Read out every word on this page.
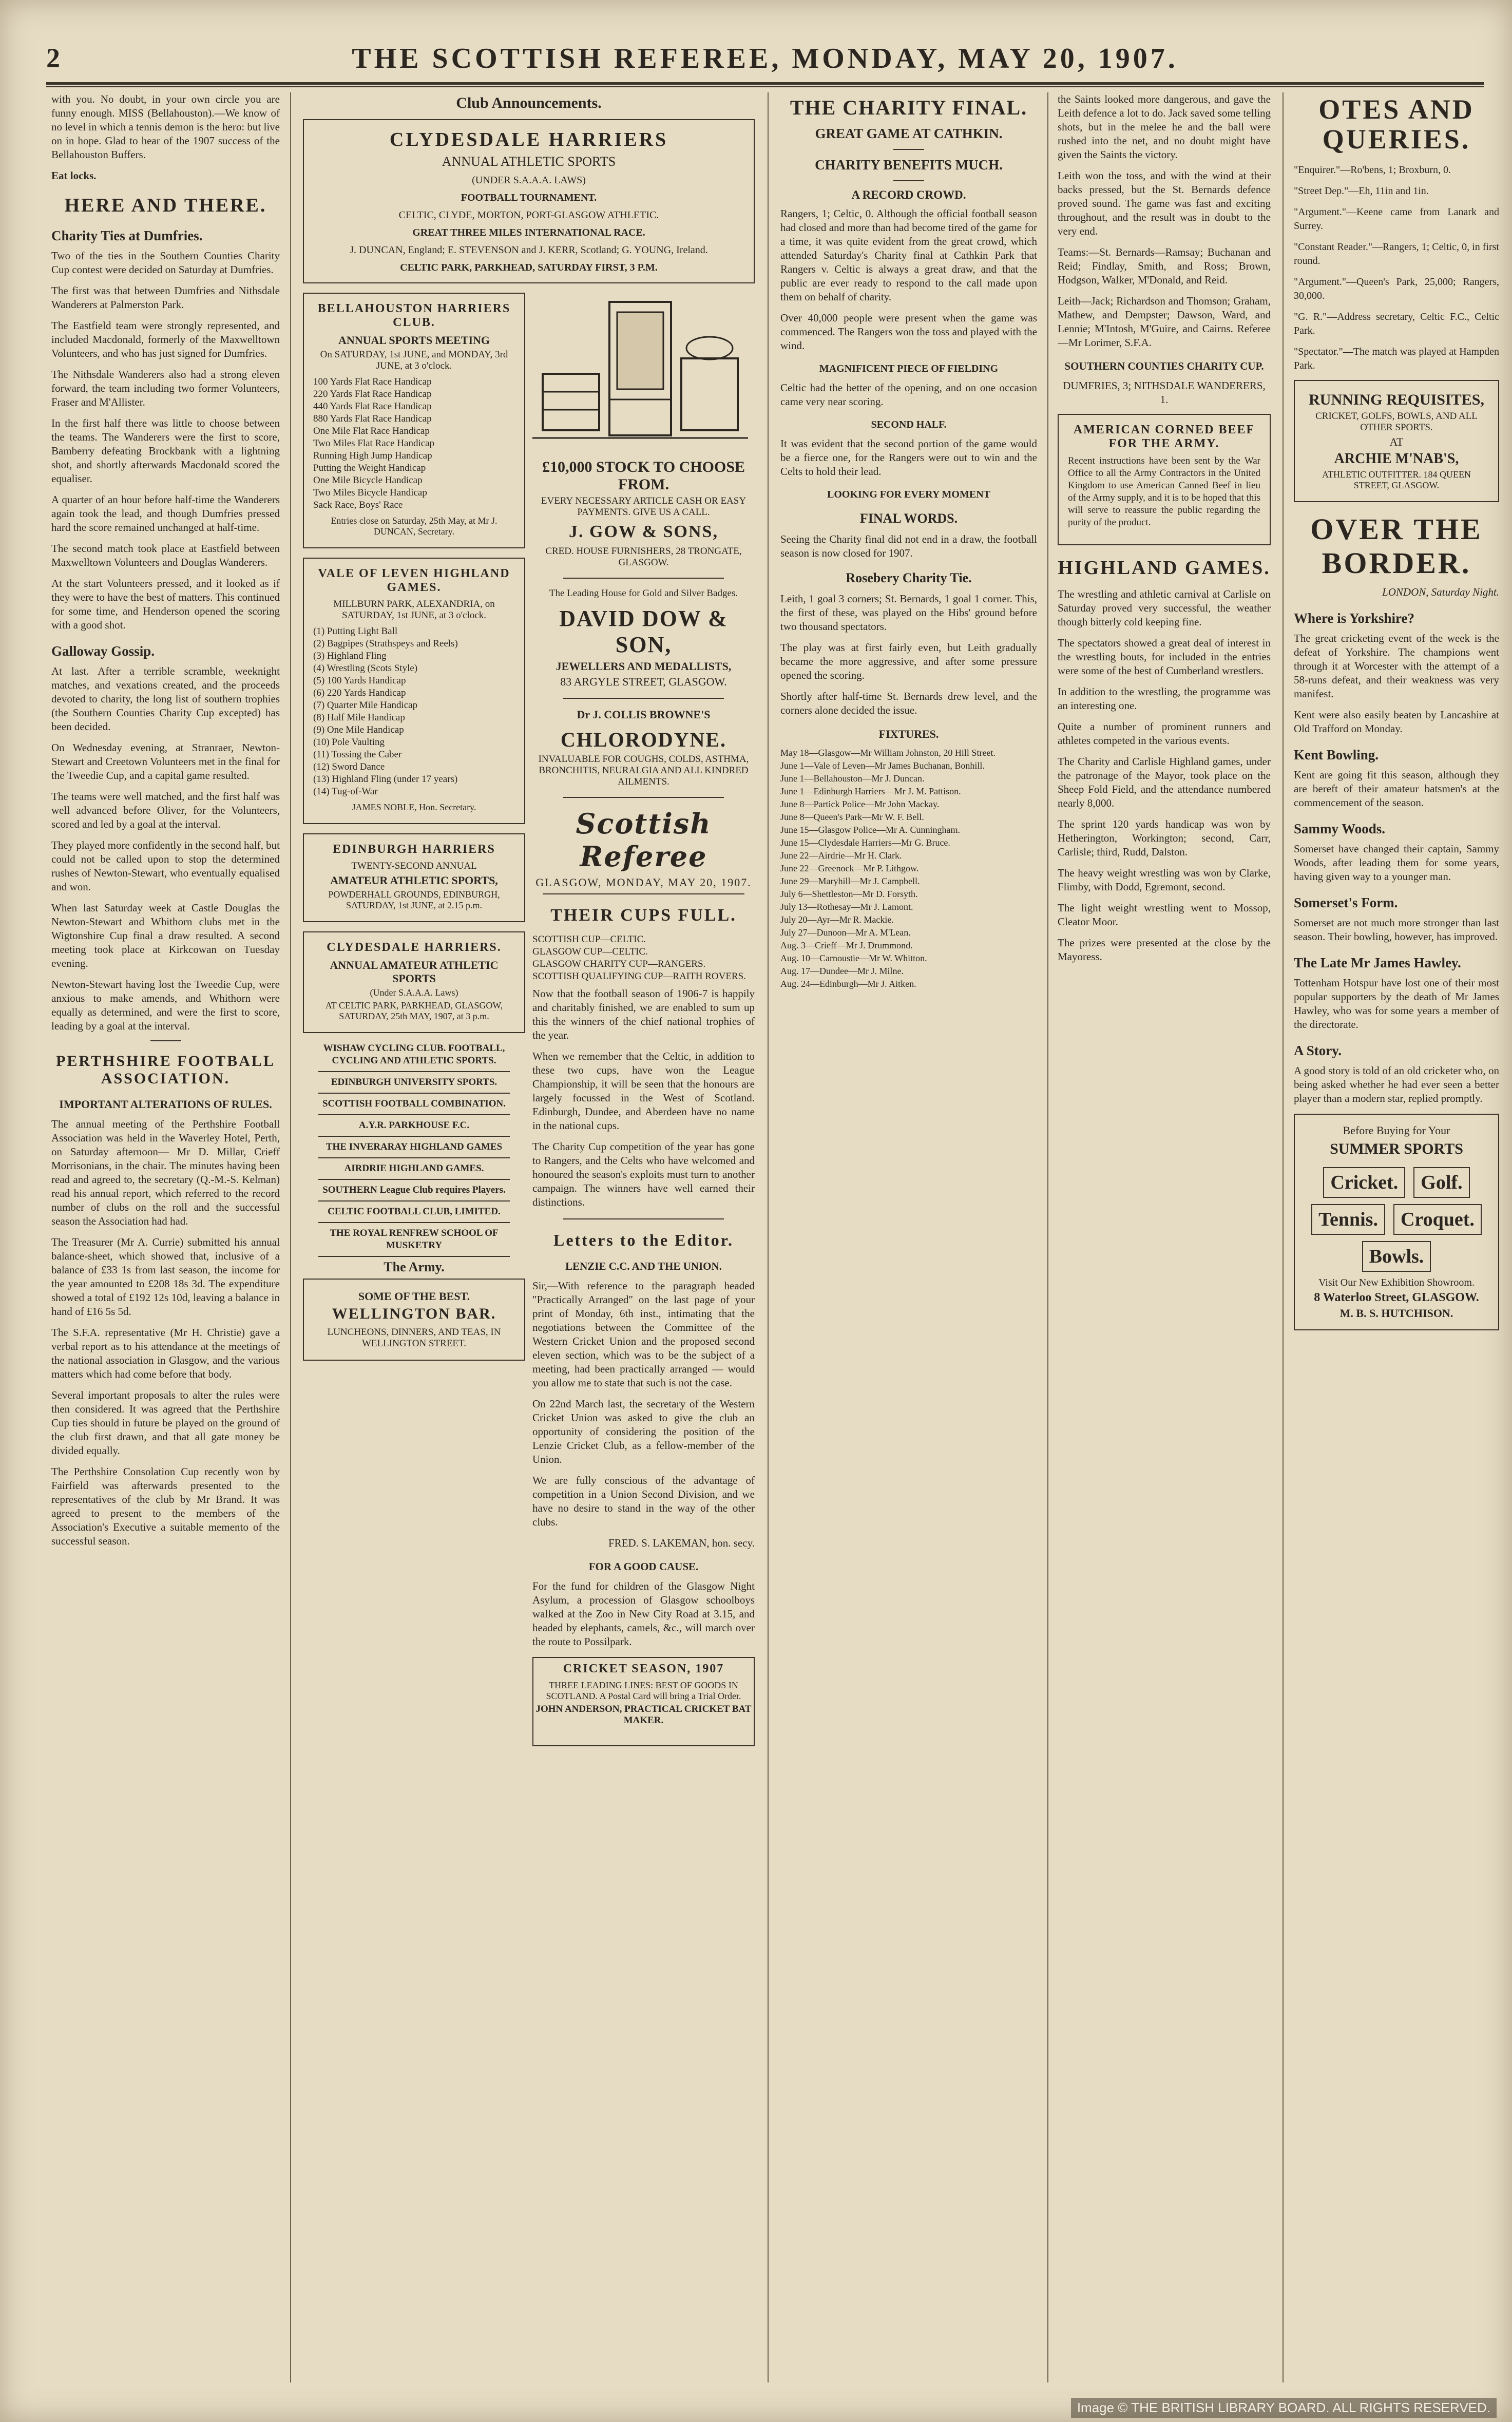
2	THE SCOTTISH REFEREE, MONDAY, MAY 20, 1907.

with you. No doubt, in your own circle you are funny enough. MISS (Bellahouston).—We know of no level in which a tennis demon is the hero: but live on in hope. Glad to hear of the 1907 success of the Bellahouston Buffers.

Eat locks.

HERE AND THERE.
Charity Ties at Dumfries.

Two of the ties in the Southern Counties Charity Cup contest were decided on Saturday at Dumfries.

The first was that between Dumfries and Nithsdale Wanderers at Palmerston Park.

The Eastfield team were strongly represented, and included Macdonald, formerly of the Maxwelltown Volunteers, and who has just signed for Dumfries.

The Nithsdale Wanderers also had a strong eleven forward, the team including two former Volunteers, Fraser and M'Allister.

In the first half there was little to choose between the teams. The Wanderers were the first to score, Bamberry defeating Brockbank with a lightning shot, and shortly afterwards Macdonald scored the equaliser.

A quarter of an hour before half-time the Wanderers again took the lead, and though Dumfries pressed hard the score remained unchanged at half-time.

The second match took place at Eastfield between Maxwelltown Volunteers and Douglas Wanderers.

At the start Volunteers pressed, and it looked as if they were to have the best of matters. This continued for some time, and Henderson opened the scoring with a good shot.

Galloway Gossip.

At last. After a terrible scramble, weeknight matches, and vexations created, and the proceeds devoted to charity, the long list of southern trophies (the Southern Counties Charity Cup excepted) has been decided.

On Wednesday evening, at Stranraer, Newton-Stewart and Creetown Volunteers met in the final for the Tweedie Cup, and a capital game resulted.

The teams were well matched, and the first half was well advanced before Oliver, for the Volunteers, scored and led by a goal at the interval.

They played more confidently in the second half, but could not be called upon to stop the determined rushes of Newton-Stewart, who eventually equalised and won.

When last Saturday week at Castle Douglas the Newton-Stewart and Whithorn clubs met in the Wigtonshire Cup final a draw resulted. A second meeting took place at Kirkcowan on Tuesday evening.

Newton-Stewart having lost the Tweedie Cup, were anxious to make amends, and Whithorn were equally as determined, and were the first to score, leading by a goal at the interval.

PERTHSHIRE FOOTBALL ASSOCIATION.
IMPORTANT ALTERATIONS OF RULES.

The annual meeting of the Perthshire Football Association was held in the Waverley Hotel, Perth, on Saturday afternoon— Mr D. Millar, Crieff Morrisonians, in the chair. The minutes having been read and agreed to, the secretary (Q.-M.-S. Kelman) read his annual report, which referred to the record number of clubs on the roll and the successful season the Association had had.

The Treasurer (Mr A. Currie) submitted his annual balance-sheet, which showed that, inclusive of a balance of £33 1s from last season, the income for the year amounted to £208 18s 3d. The expenditure showed a total of £192 12s 10d, leaving a balance in hand of £16 5s 5d.

The S.F.A. representative (Mr H. Christie) gave a verbal report as to his attendance at the meetings of the national association in Glasgow, and the various matters which had come before that body.

Several important proposals to alter the rules were then considered. It was agreed that the Perthshire Cup ties should in future be played on the ground of the club first drawn, and that all gate money be divided equally.

The Perthshire Consolation Cup recently won by Fairfield was afterwards presented to the representatives of the club by Mr Brand. It was agreed to present to the members of the Association's Executive a suitable memento of the successful season.

Club Announcements.
CLYDESDALE HARRIERS
ANNUAL ATHLETIC SPORTS
(UNDER S.A.A.A. LAWS)
FOOTBALL TOURNAMENT.
CELTIC, CLYDE, MORTON, PORT-GLASGOW ATHLETIC.
GREAT THREE MILES INTERNATIONAL RACE.
J. DUNCAN, England; E. STEVENSON and J. KERR, Scotland; G. YOUNG, Ireland.
CELTIC PARK, PARKHEAD, SATURDAY FIRST, 3 P.M.
BELLAHOUSTON HARRIERS CLUB.
ANNUAL SPORTS MEETING
On SATURDAY, 1st JUNE, and MONDAY, 3rd JUNE, at 3 o'clock.
100 Yards Flat Race Handicap
220 Yards Flat Race Handicap
440 Yards Flat Race Handicap
880 Yards Flat Race Handicap
One Mile Flat Race Handicap
Two Miles Flat Race Handicap
Running High Jump Handicap
Putting the Weight Handicap
One Mile Bicycle Handicap
Two Miles Bicycle Handicap
Sack Race, Boys' Race
Entries close on Saturday, 25th May, at Mr J. DUNCAN, Secretary.
VALE OF LEVEN HIGHLAND GAMES.
MILLBURN PARK, ALEXANDRIA, on SATURDAY, 1st JUNE, at 3 o'clock.
(1) Putting Light Ball
(2) Bagpipes (Strathspeys and Reels)
(3) Highland Fling
(4) Wrestling (Scots Style)
(5) 100 Yards Handicap
(6) 220 Yards Handicap
(7) Quarter Mile Handicap
(8) Half Mile Handicap
(9) One Mile Handicap
(10) Pole Vaulting
(11) Tossing the Caber
(12) Sword Dance
(13) Highland Fling (under 17 years)
(14) Tug-of-War
JAMES NOBLE, Hon. Secretary.
EDINBURGH HARRIERS
TWENTY-SECOND ANNUAL
AMATEUR ATHLETIC SPORTS,
POWDERHALL GROUNDS, EDINBURGH, SATURDAY, 1st JUNE, at 2.15 p.m.
CLYDESDALE HARRIERS.
ANNUAL AMATEUR ATHLETIC SPORTS
(Under S.A.A.A. Laws)
AT CELTIC PARK, PARKHEAD, GLASGOW, SATURDAY, 25th MAY, 1907, at 3 p.m.
WISHAW CYCLING CLUB. FOOTBALL, CYCLING AND ATHLETIC SPORTS.
EDINBURGH UNIVERSITY SPORTS.
SCOTTISH FOOTBALL COMBINATION.
A.Y.R. PARKHOUSE F.C.
THE INVERARAY HIGHLAND GAMES
AIRDRIE HIGHLAND GAMES.
SOUTHERN League Club requires Players.
CELTIC FOOTBALL CLUB, LIMITED.
THE ROYAL RENFREW SCHOOL OF MUSKETRY
The Army.
SOME OF THE BEST.
WELLINGTON BAR.
LUNCHEONS, DINNERS, AND TEAS, IN WELLINGTON STREET.
£10,000 STOCK TO CHOOSE FROM.
EVERY NECESSARY ARTICLE CASH OR EASY PAYMENTS. GIVE US A CALL.
J. GOW & SONS,
CRED. HOUSE FURNISHERS, 28 TRONGATE, GLASGOW.
The Leading House for Gold and Silver Badges.
DAVID DOW & SON,
JEWELLERS AND MEDALLISTS,
83 ARGYLE STREET, GLASGOW.
Dr J. COLLIS BROWNE'S
CHLORODYNE.
INVALUABLE FOR COUGHS, COLDS, ASTHMA, BRONCHITIS, NEURALGIA AND ALL KINDRED AILMENTS.
Scottish Referee
GLASGOW, MONDAY, MAY 20, 1907.
THEIR CUPS FULL.
SCOTTISH CUP—CELTIC.
GLASGOW CUP—CELTIC.
GLASGOW CHARITY CUP—RANGERS.
SCOTTISH QUALIFYING CUP—RAITH ROVERS.

Now that the football season of 1906-7 is happily and charitably finished, we are enabled to sum up this the winners of the chief national trophies of the year.

When we remember that the Celtic, in addition to these two cups, have won the League Championship, it will be seen that the honours are largely focussed in the West of Scotland. Edinburgh, Dundee, and Aberdeen have no name in the national cups.

The Charity Cup competition of the year has gone to Rangers, and the Celts who have welcomed and honoured the season's exploits must turn to another campaign. The winners have well earned their distinctions.

Letters to the Editor.
LENZIE C.C. AND THE UNION.

Sir,—With reference to the paragraph headed "Practically Arranged" on the last page of your print of Monday, 6th inst., intimating that the negotiations between the Committee of the Western Cricket Union and the proposed second eleven section, which was to be the subject of a meeting, had been practically arranged — would you allow me to state that such is not the case.

On 22nd March last, the secretary of the Western Cricket Union was asked to give the club an opportunity of considering the position of the Lenzie Cricket Club, as a fellow-member of the Union.

We are fully conscious of the advantage of competition in a Union Second Division, and we have no desire to stand in the way of the other clubs.

FRED. S. LAKEMAN, hon. secy.

FOR A GOOD CAUSE.

For the fund for children of the Glasgow Night Asylum, a procession of Glasgow schoolboys walked at the Zoo in New City Road at 3.15, and headed by elephants, camels, &c., will march over the route to Possilpark.

CRICKET SEASON, 1907
THREE LEADING LINES: BEST OF GOODS IN SCOTLAND. A Postal Card will bring a Trial Order.
JOHN ANDERSON, PRACTICAL CRICKET BAT MAKER.
THE CHARITY FINAL.
GREAT GAME AT CATHKIN.
CHARITY BENEFITS MUCH.
A RECORD CROWD.

Rangers, 1; Celtic, 0. Although the official football season had closed and more than had become tired of the game for a time, it was quite evident from the great crowd, which attended Saturday's Charity final at Cathkin Park that Rangers v. Celtic is always a great draw, and that the public are ever ready to respond to the call made upon them on behalf of charity.

Over 40,000 people were present when the game was commenced. The Rangers won the toss and played with the wind.

MAGNIFICENT PIECE OF FIELDING

Celtic had the better of the opening, and on one occasion came very near scoring.

SECOND HALF.

It was evident that the second portion of the game would be a fierce one, for the Rangers were out to win and the Celts to hold their lead.

LOOKING FOR EVERY MOMENT
FINAL WORDS.

Seeing the Charity final did not end in a draw, the football season is now closed for 1907.

Rosebery Charity Tie.

Leith, 1 goal 3 corners; St. Bernards, 1 goal 1 corner. This, the first of these, was played on the Hibs' ground before two thousand spectators.

The play was at first fairly even, but Leith gradually became the more aggressive, and after some pressure opened the scoring.

Shortly after half-time St. Bernards drew level, and the corners alone decided the issue.

FIXTURES.
May 18—Glasgow—Mr William Johnston, 20 Hill Street.
June 1—Vale of Leven—Mr James Buchanan, Bonhill.
June 1—Bellahouston—Mr J. Duncan.
June 1—Edinburgh Harriers—Mr J. M. Pattison.
June 8—Partick Police—Mr John Mackay.
June 8—Queen's Park—Mr W. F. Bell.
June 15—Glasgow Police—Mr A. Cunningham.
June 15—Clydesdale Harriers—Mr G. Bruce.
June 22—Airdrie—Mr H. Clark.
June 22—Greenock—Mr P. Lithgow.
June 29—Maryhill—Mr J. Campbell.
July 6—Shettleston—Mr D. Forsyth.
July 13—Rothesay—Mr J. Lamont.
July 20—Ayr—Mr R. Mackie.
July 27—Dunoon—Mr A. M'Lean.
Aug. 3—Crieff—Mr J. Drummond.
Aug. 10—Carnoustie—Mr W. Whitton.
Aug. 17—Dundee—Mr J. Milne.
Aug. 24—Edinburgh—Mr J. Aitken.

the Saints looked more dangerous, and gave the Leith defence a lot to do. Jack saved some telling shots, but in the melee he and the ball were rushed into the net, and no doubt might have given the Saints the victory.

Leith won the toss, and with the wind at their backs pressed, but the St. Bernards defence proved sound. The game was fast and exciting throughout, and the result was in doubt to the very end.

Teams:—St. Bernards—Ramsay; Buchanan and Reid; Findlay, Smith, and Ross; Brown, Hodgson, Walker, M'Donald, and Reid.

Leith—Jack; Richardson and Thomson; Graham, Mathew, and Dempster; Dawson, Ward, and Lennie; M'Intosh, M'Guire, and Cairns. Referee—Mr Lorimer, S.F.A.

SOUTHERN COUNTIES CHARITY CUP.

DUMFRIES, 3; NITHSDALE WANDERERS, 1.

AMERICAN CORNED BEEF FOR THE ARMY.

Recent instructions have been sent by the War Office to all the Army Contractors in the United Kingdom to use American Canned Beef in lieu of the Army supply, and it is to be hoped that this will serve to reassure the public regarding the purity of the product.

HIGHLAND GAMES.

The wrestling and athletic carnival at Carlisle on Saturday proved very successful, the weather though bitterly cold keeping fine.

The spectators showed a great deal of interest in the wrestling bouts, for included in the entries were some of the best of Cumberland wrestlers.

In addition to the wrestling, the programme was an interesting one.

Quite a number of prominent runners and athletes competed in the various events.

The Charity and Carlisle Highland games, under the patronage of the Mayor, took place on the Sheep Fold Field, and the attendance numbered nearly 8,000.

The sprint 120 yards handicap was won by Hetherington, Workington; second, Carr, Carlisle; third, Rudd, Dalston.

The heavy weight wrestling was won by Clarke, Flimby, with Dodd, Egremont, second.

The light weight wrestling went to Mossop, Cleator Moor.

The prizes were presented at the close by the Mayoress.

OTES AND QUERIES.

"Enquirer."—Ro'bens, 1; Broxburn, 0.

"Street Dep."—Eh, 11in and 1in.

"Argument."—Keene came from Lanark and Surrey.

"Constant Reader."—Rangers, 1; Celtic, 0, in first round.

"Argument."—Queen's Park, 25,000; Rangers, 30,000.

"G. R."—Address secretary, Celtic F.C., Celtic Park.

"Spectator."—The match was played at Hampden Park.

RUNNING REQUISITES,
CRICKET, GOLFS, BOWLS, AND ALL OTHER SPORTS.
AT
ARCHIE M'NAB'S,
ATHLETIC OUTFITTER. 184 QUEEN STREET, GLASGOW.
OVER THE BORDER.

LONDON, Saturday Night.

Where is Yorkshire?

The great cricketing event of the week is the defeat of Yorkshire. The champions went through it at Worcester with the attempt of a 58-runs defeat, and their weakness was very manifest.

Kent were also easily beaten by Lancashire at Old Trafford on Monday.

Kent Bowling.

Kent are going fit this season, although they are bereft of their amateur batsmen's at the commencement of the season.

Sammy Woods.

Somerset have changed their captain, Sammy Woods, after leading them for some years, having given way to a younger man.

Somerset's Form.

Somerset are not much more stronger than last season. Their bowling, however, has improved.

The Late Mr James Hawley.

Tottenham Hotspur have lost one of their most popular supporters by the death of Mr James Hawley, who was for some years a member of the directorate.

A Story.

A good story is told of an old cricketer who, on being asked whether he had ever seen a better player than a modern star, replied promptly.

Before Buying for Your
SUMMER SPORTS
Cricket. Golf. Tennis. Croquet. Bowls.
Visit Our New Exhibition Showroom.
8 Waterloo Street, GLASGOW.
M. B. S. HUTCHISON.
Image © THE BRITISH LIBRARY BOARD. ALL RIGHTS RESERVED.
